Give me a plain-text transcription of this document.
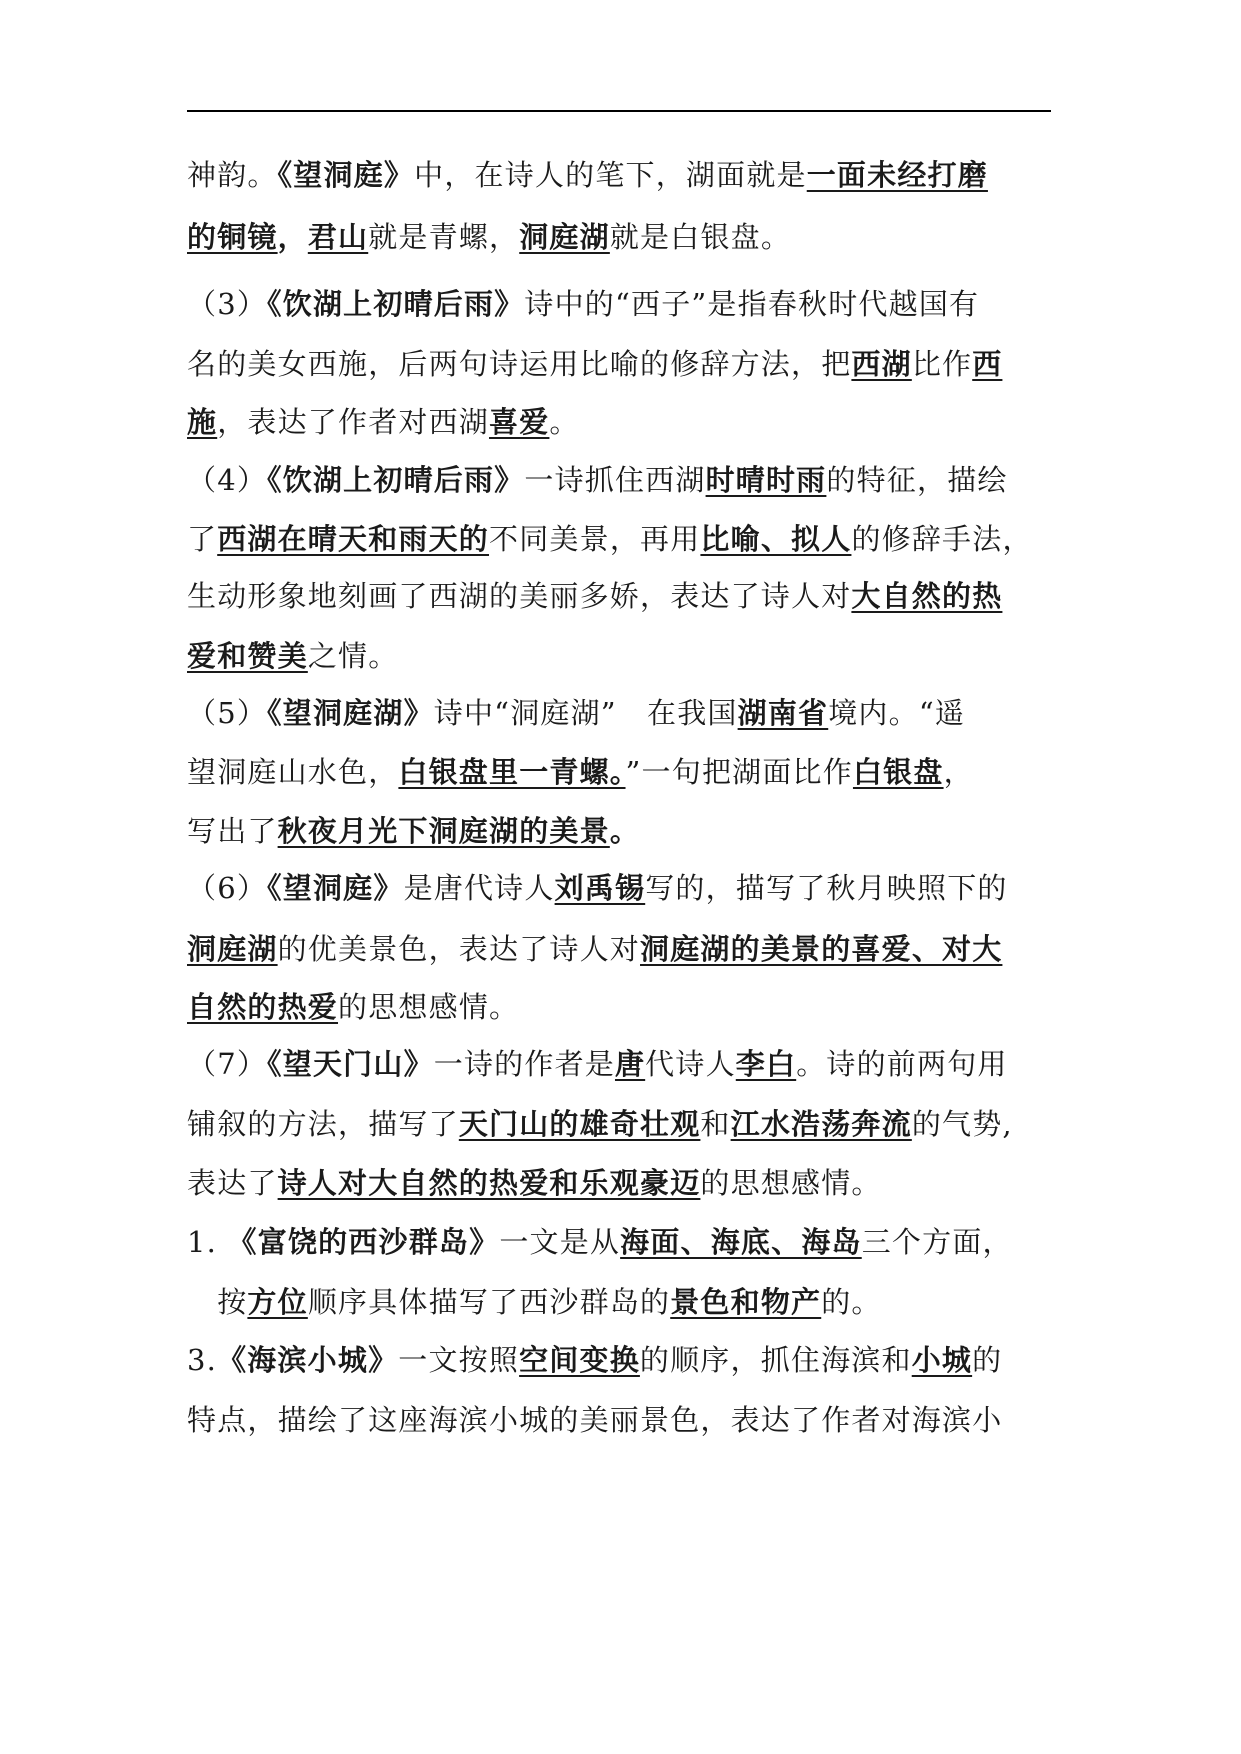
神韵。《望洞庭》中，在诗人的笔下，湖面就是一面未经打磨
的铜镜，君山就是青螺，洞庭湖就是白银盘。
（3）《饮湖上初晴后雨》诗中的“西子”是指春秋时代越国有
名的美女西施，后两句诗运用比喻的修辞方法，把西湖比作西
施，表达了作者对西湖喜爱。
（4）《饮湖上初晴后雨》一诗抓住西湖时晴时雨的特征，描绘
了西湖在晴天和雨天的不同美景，再用比喻、拟人的修辞手法，
生动形象地刻画了西湖的美丽多娇，表达了诗人对大自然的热
爱和赞美之情。
（5）《望洞庭湖》诗中“洞庭湖”　在我国湖南省境内。“遥
望洞庭山水色，白银盘里一青螺。”一句把湖面比作白银盘，
写出了秋夜月光下洞庭湖的美景。
（6）《望洞庭》是唐代诗人刘禹锡写的，描写了秋月映照下的
洞庭湖的优美景色，表达了诗人对洞庭湖的美景的喜爱、对大
自然的热爱的思想感情。
（7）《望天门山》一诗的作者是唐代诗人李白。诗的前两句用
铺叙的方法，描写了天门山的雄奇壮观和江水浩荡奔流的气势,
表达了诗人对大自然的热爱和乐观豪迈的思想感情。
1. 《富饶的西沙群岛》一文是从海面、海底、海岛三个方面，
　按方位顺序具体描写了西沙群岛的景色和物产的。
3.《海滨小城》一文按照空间变换的顺序，抓住海滨和小城的
特点，描绘了这座海滨小城的美丽景色，表达了作者对海滨小
